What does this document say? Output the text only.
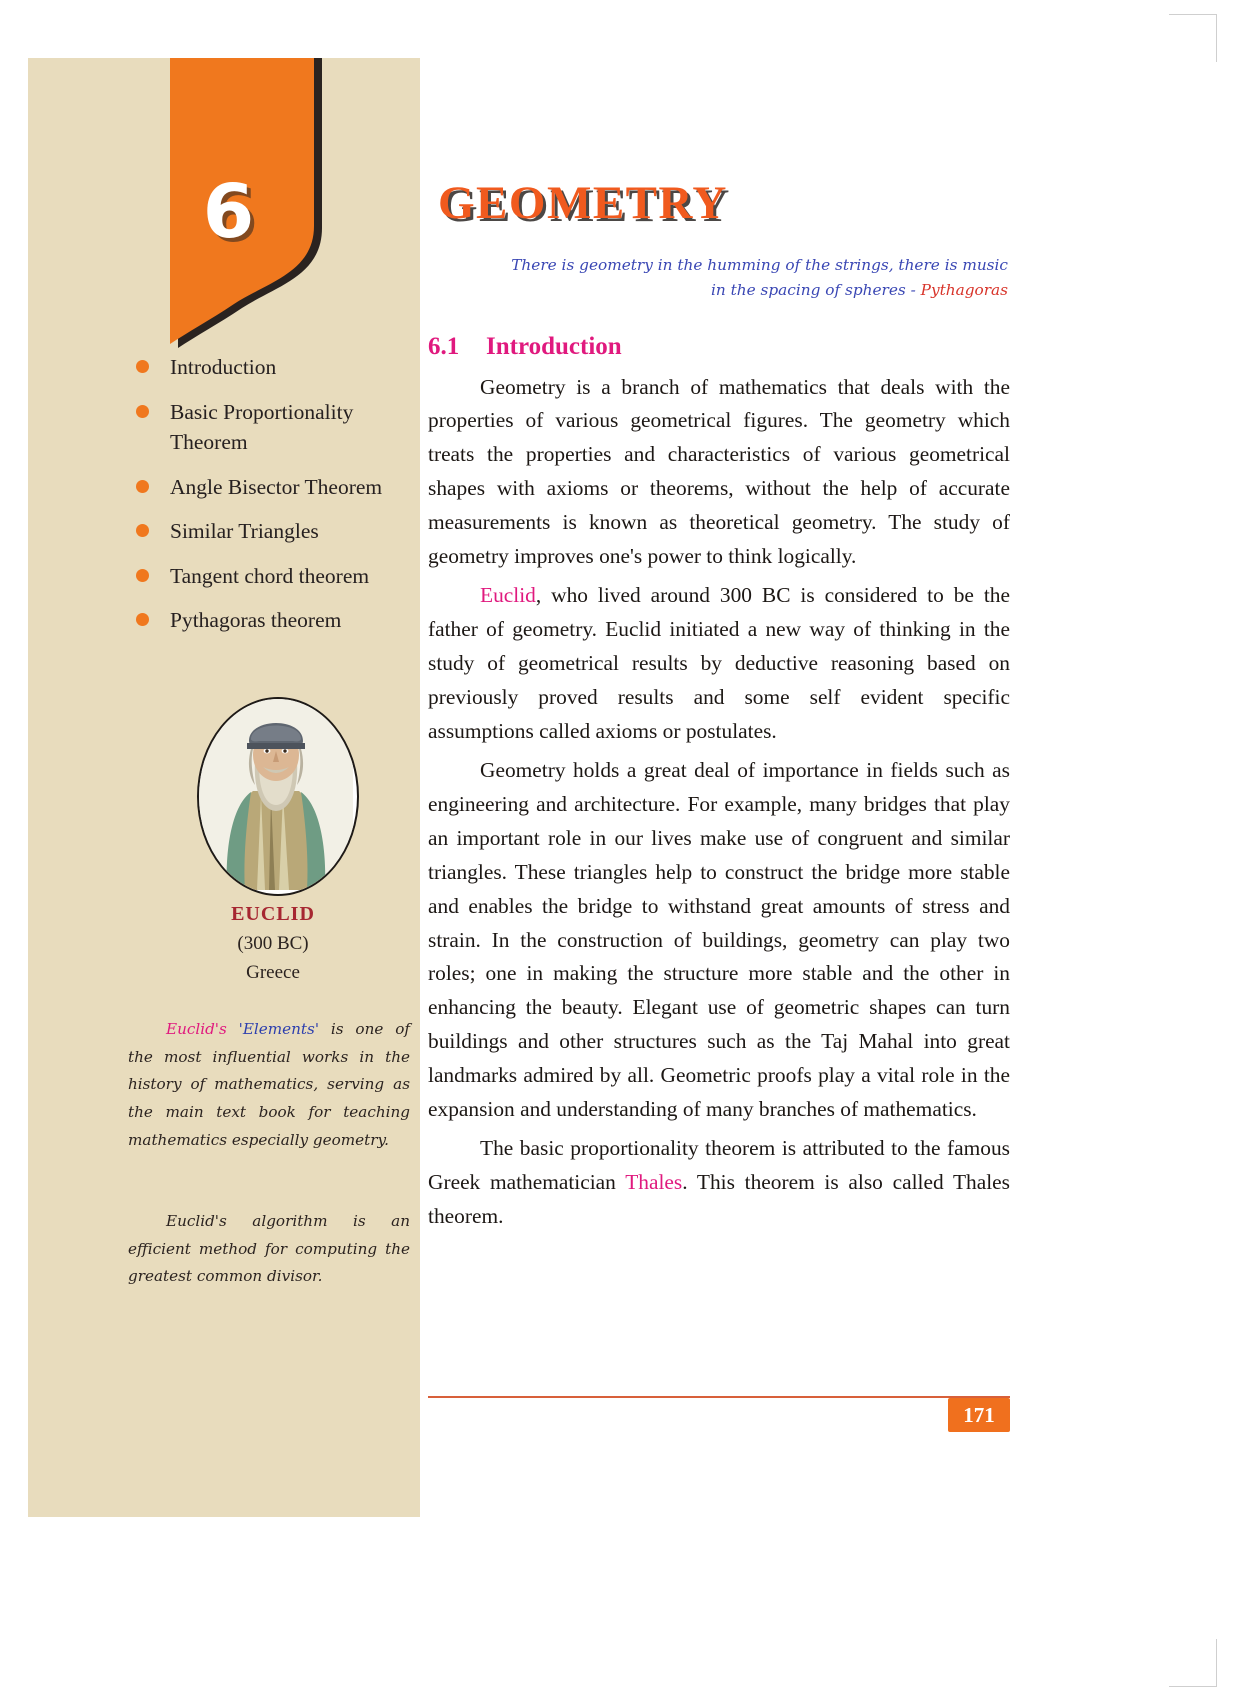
6
Introduction
Basic Proportionality Theorem
Angle Bisector Theorem
Similar Triangles
Tangent chord theorem
Pythagoras theorem
EUCLID
(300 BC)
Greece
Euclid's 'Elements' is one of the most influential works in the history of mathematics, serving as the main text book for teaching mathematics especially geometry.
Euclid's algorithm is an efficient method for computing the greatest common divisor.
GEOMETRY
There is geometry in the humming of the strings, there is music
in the spacing of spheres - Pythagoras
6.1 Introduction

Geometry is a branch of mathematics that deals with the properties of various geometrical figures. The geometry which treats the properties and characteristics of various geometrical shapes with axioms or theorems, without the help of accurate measurements is known as theoretical geometry. The study of geometry improves one's power to think logically.

Euclid, who lived around 300 BC is considered to be the father of geometry. Euclid initiated a new way of thinking in the study of geometrical results by deductive reasoning based on previously proved results and some self evident specific assumptions called axioms or postulates.

Geometry holds a great deal of importance in fields such as engineering and architecture. For example, many bridges that play an important role in our lives make use of congruent and similar triangles. These triangles help to construct the bridge more stable and enables the bridge to withstand great amounts of stress and strain. In the construction of buildings, geometry can play two roles; one in making the structure more stable and the other in enhancing the beauty. Elegant use of geometric shapes can turn buildings and other structures such as the Taj Mahal into great landmarks admired by all. Geometric proofs play a vital role in the expansion and understanding of many branches of mathematics.

The basic proportionality theorem is attributed to the famous Greek mathematician Thales. This theorem is also called Thales theorem.

171
